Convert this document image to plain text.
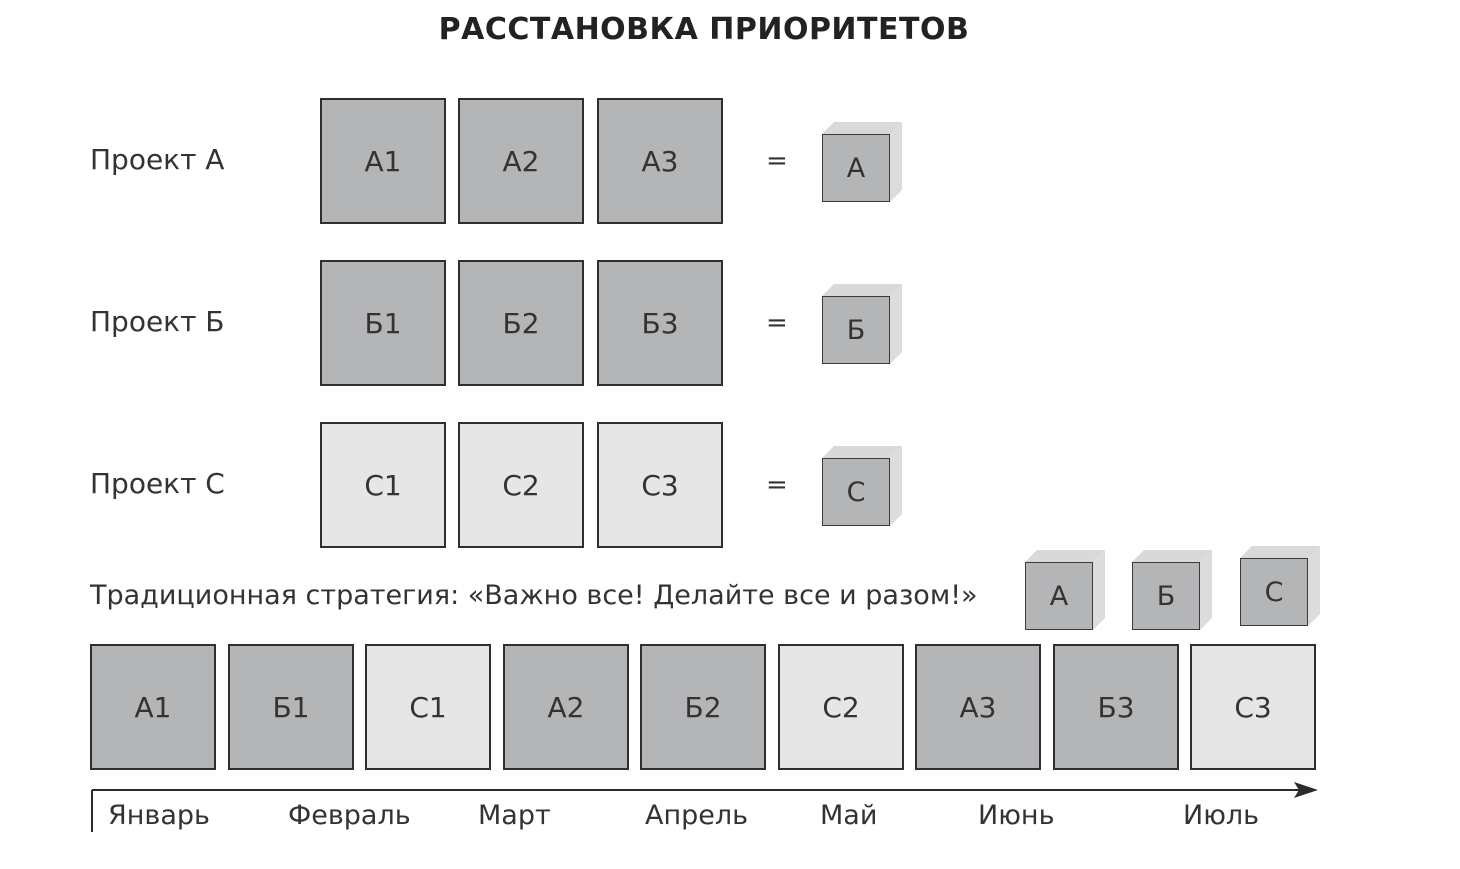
РАССТАНОВКА ПРИОРИТЕТОВ
Проект А	А1	А2	А3	=	А
Проект Б	Б1	Б2	Б3	=	Б
Проект С	С1	С2	С3	=	С
Традиционная стратегия: «Важно все! Делайте все и разом!»	А	Б	С
А1	Б1	С1	А2	Б2	С2	А3	Б3	С3
Январь	Февраль Март	Апрель	Май	Июнь	Июль
